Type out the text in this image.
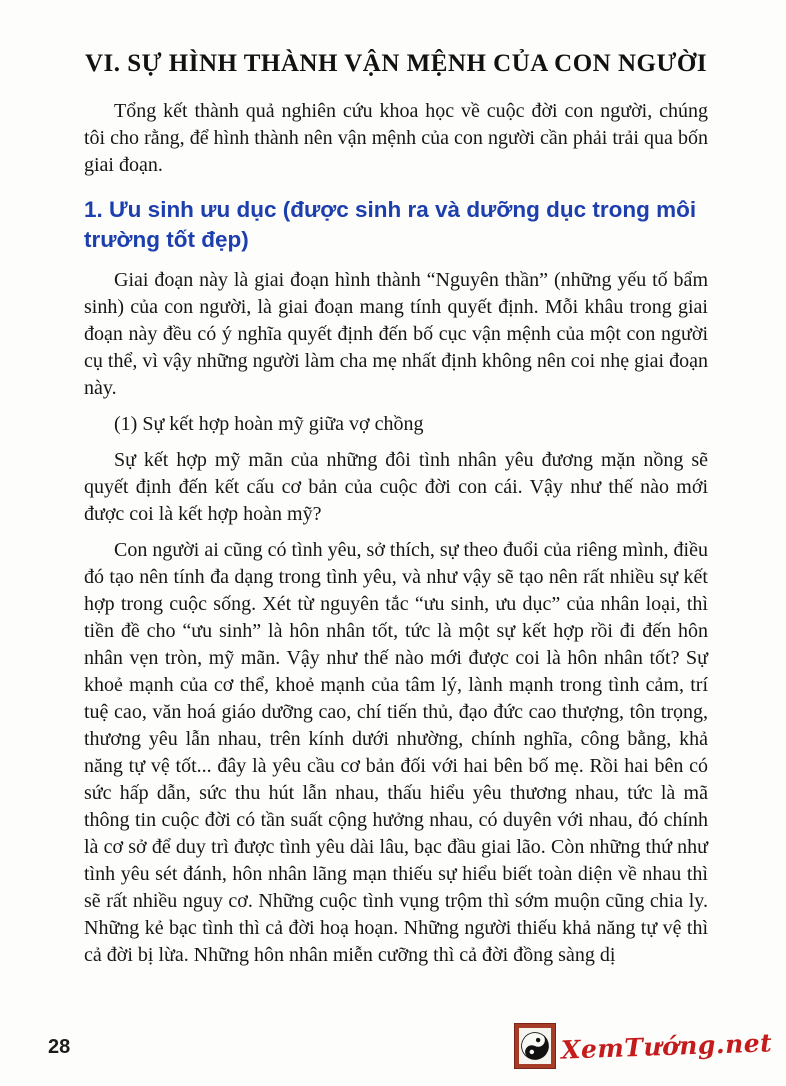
VI. SỰ HÌNH THÀNH VẬN MỆNH CỦA CON NGƯỜI

Tổng kết thành quả nghiên cứu khoa học về cuộc đời con người, chúng tôi cho rằng, để hình thành nên vận mệnh của con người cần phải trải qua bốn giai đoạn.

1. Ưu sinh ưu dục (được sinh ra và dưỡng dục trong môi trường tốt đẹp)

Giai đoạn này là giai đoạn hình thành “Nguyên thần” (những yếu tố bẩm sinh) của con người, là giai đoạn mang tính quyết định. Mỗi khâu trong giai đoạn này đều có ý nghĩa quyết định đến bố cục vận mệnh của một con người cụ thể, vì vậy những người làm cha mẹ nhất định không nên coi nhẹ giai đoạn này.

(1) Sự kết hợp hoàn mỹ giữa vợ chồng

Sự kết hợp mỹ mãn của những đôi tình nhân yêu đương mặn nồng sẽ quyết định đến kết cấu cơ bản của cuộc đời con cái. Vậy như thế nào mới được coi là kết hợp hoàn mỹ?

Con người ai cũng có tình yêu, sở thích, sự theo đuổi của riêng mình, điều đó tạo nên tính đa dạng trong tình yêu, và như vậy sẽ tạo nên rất nhiều sự kết hợp trong cuộc sống. Xét từ nguyên tắc “ưu sinh, ưu dục” của nhân loại, thì tiền đề cho “ưu sinh” là hôn nhân tốt, tức là một sự kết hợp rồi đi đến hôn nhân vẹn tròn, mỹ mãn. Vậy như thế nào mới được coi là hôn nhân tốt? Sự khoẻ mạnh của cơ thể, khoẻ mạnh của tâm lý, lành mạnh trong tình cảm, trí tuệ cao, văn hoá giáo dưỡng cao, chí tiến thủ, đạo đức cao thượng, tôn trọng, thương yêu lẫn nhau, trên kính dưới nhường, chính nghĩa, công bằng, khả năng tự vệ tốt... đây là yêu cầu cơ bản đối với hai bên bố mẹ. Rồi hai bên có sức hấp dẫn, sức thu hút lẫn nhau, thấu hiểu yêu thương nhau, tức là mã thông tin cuộc đời có tần suất cộng hưởng nhau, có duyên với nhau, đó chính là cơ sở để duy trì được tình yêu dài lâu, bạc đầu giai lão. Còn những thứ như tình yêu sét đánh, hôn nhân lãng mạn thiếu sự hiểu biết toàn diện về nhau thì sẽ rất nhiều nguy cơ. Những cuộc tình vụng trộm thì sớm muộn cũng chia ly. Những kẻ bạc tình thì cả đời hoạ hoạn. Những người thiếu khả năng tự vệ thì cả đời bị lừa. Những hôn nhân miễn cưỡng thì cả đời đồng sàng dị

28	XemTướng.net
